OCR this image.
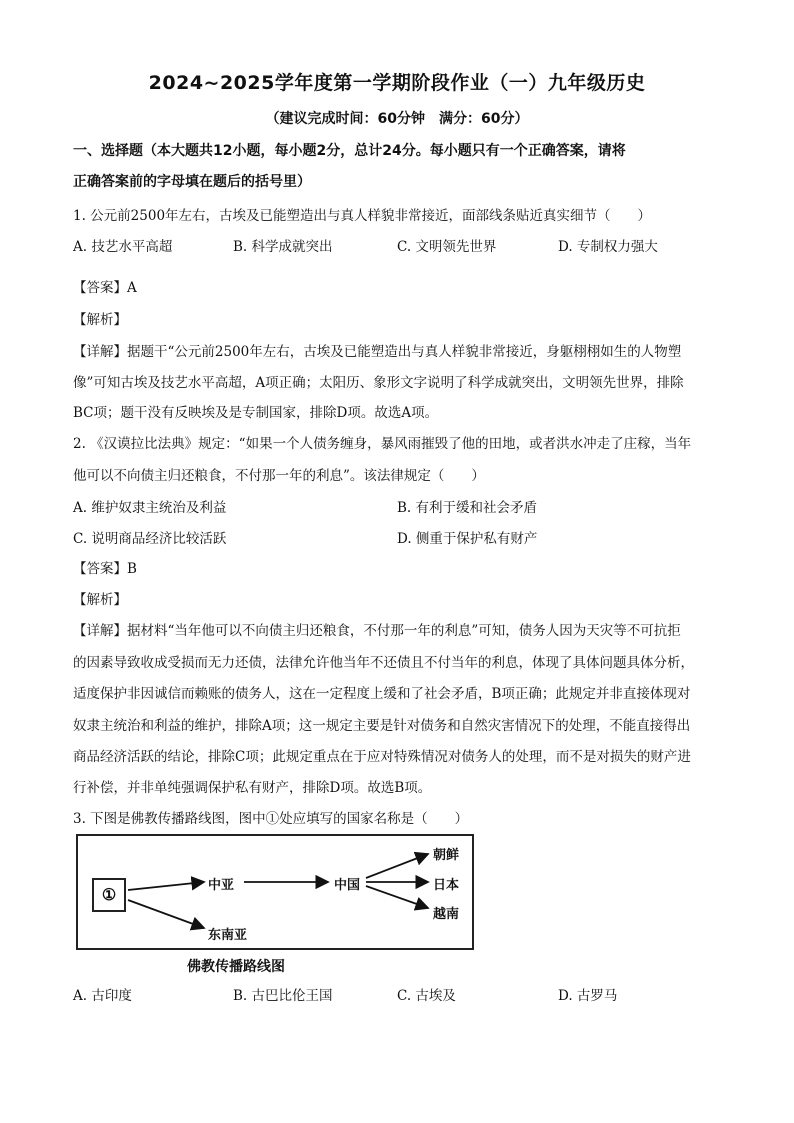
2024~2025学年度第一学期阶段作业（一）九年级历史
（建议完成时间：60分钟　满分：60分）
一、选择题（本大题共12小题，每小题2分，总计24分。每小题只有一个正确答案，请将
正确答案前的字母填在题后的括号里）
1. 公元前2500年左右，古埃及已能塑造出与真人样貌非常接近，面部线条贴近真实细节（　　）
A. 技艺水平高超	B. 科学成就突出	C. 文明领先世界	D. 专制权力强大
【答案】A
【解析】
【详解】据题干“公元前2500年左右，古埃及已能塑造出与真人样貌非常接近，身躯栩栩如生的人物塑
像”可知古埃及技艺水平高超，A项正确；太阳历、象形文字说明了科学成就突出，文明领先世界，排除
BC项；题干没有反映埃及是专制国家，排除D项。故选A项。
2. 《汉谟拉比法典》规定：“如果一个人债务缠身，暴风雨摧毁了他的田地，或者洪水冲走了庄稼，当年
他可以不向债主归还粮食，不付那一年的利息”。该法律规定（　　）
A. 维护奴隶主统治及利益	B. 有利于缓和社会矛盾
C. 说明商品经济比较活跃	D. 侧重于保护私有财产
【答案】B
【解析】
【详解】据材料“当年他可以不向债主归还粮食，不付那一年的利息”可知，债务人因为天灾等不可抗拒
的因素导致收成受损而无力还债，法律允许他当年不还债且不付当年的利息，体现了具体问题具体分析，
适度保护非因诚信而赖账的债务人，这在一定程度上缓和了社会矛盾，B项正确；此规定并非直接体现对
奴隶主统治和利益的维护，排除A项；这一规定主要是针对债务和自然灾害情况下的处理，不能直接得出
商品经济活跃的结论，排除C项；此规定重点在于应对特殊情况对债务人的处理，而不是对损失的财产进
行补偿，并非单纯强调保护私有财产，排除D项。故选B项。
3. 下图是佛教传播路线图，图中①处应填写的国家名称是（　　）
①	中亚	中国
东南亚
朝鲜
日本
越南
佛教传播路线图
A. 古印度	B. 古巴比伦王国	C. 古埃及	D. 古罗马
